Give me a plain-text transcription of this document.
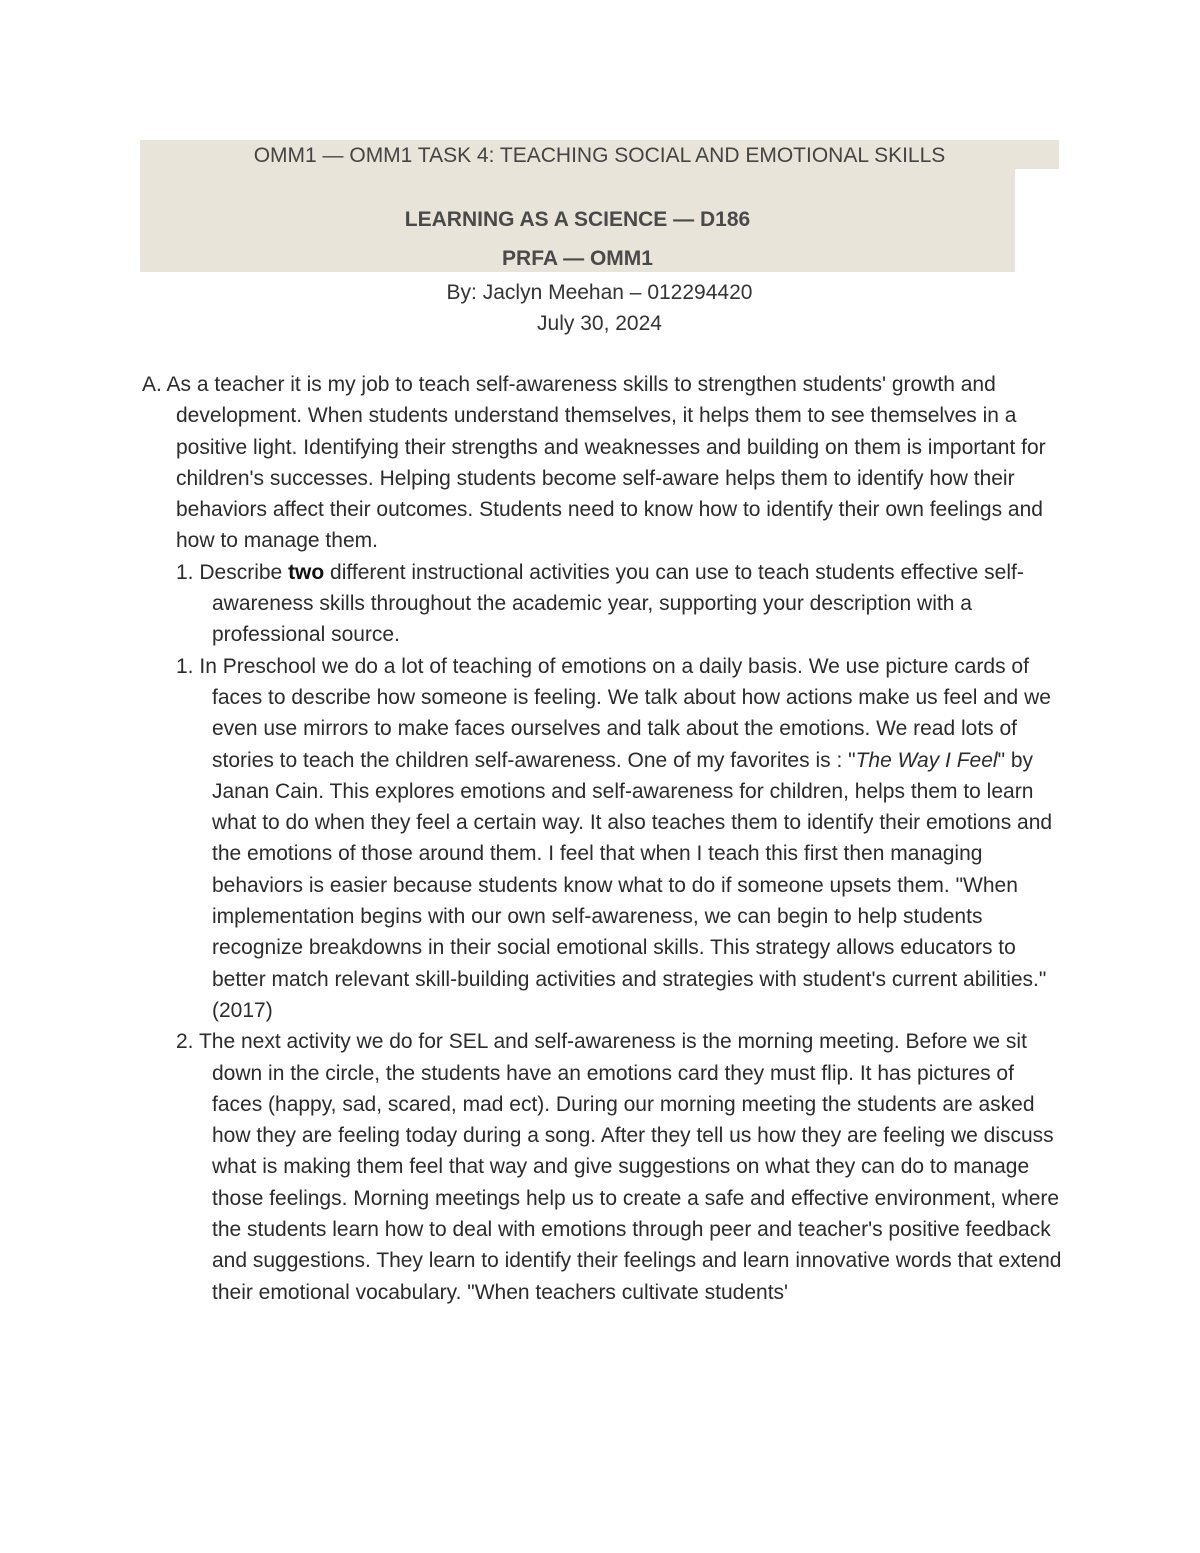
OMM1 — OMM1 TASK 4: TEACHING SOCIAL AND EMOTIONAL SKILLS
LEARNING AS A SCIENCE — D186
PRFA — OMM1
By: Jaclyn Meehan – 012294420
July 30, 2024

A. As a teacher it is my job to teach self-awareness skills to strengthen students' growth and development. When students understand themselves, it helps them to see themselves in a positive light. Identifying their strengths and weaknesses and building on them is important for children's successes. Helping students become self-aware helps them to identify how their behaviors affect their outcomes. Students need to know how to identify their own feelings and how to manage them.

1. Describe two different instructional activities you can use to teach students effective self-awareness skills throughout the academic year, supporting your description with a professional source.

1. In Preschool we do a lot of teaching of emotions on a daily basis. We use picture cards of faces to describe how someone is feeling. We talk about how actions make us feel and we even use mirrors to make faces ourselves and talk about the emotions. We read lots of stories to teach the children self-awareness. One of my favorites is : "The Way I Feel" by Janan Cain. This explores emotions and self-awareness for children, helps them to learn what to do when they feel a certain way. It also teaches them to identify their emotions and the emotions of those around them. I feel that when I teach this first then managing behaviors is easier because students know what to do if someone upsets them. "When implementation begins with our own self-awareness, we can begin to help students recognize breakdowns in their social emotional skills. This strategy allows educators to better match relevant skill-building activities and strategies with student's current abilities." (2017)

2. The next activity we do for SEL and self-awareness is the morning meeting. Before we sit down in the circle, the students have an emotions card they must flip. It has pictures of faces (happy, sad, scared, mad ect). During our morning meeting the students are asked how they are feeling today during a song. After they tell us how they are feeling we discuss what is making them feel that way and give suggestions on what they can do to manage those feelings. Morning meetings help us to create a safe and effective environment, where the students learn how to deal with emotions through peer and teacher's positive feedback and suggestions. They learn to identify their feelings and learn innovative words that extend their emotional vocabulary. "When teachers cultivate students'
